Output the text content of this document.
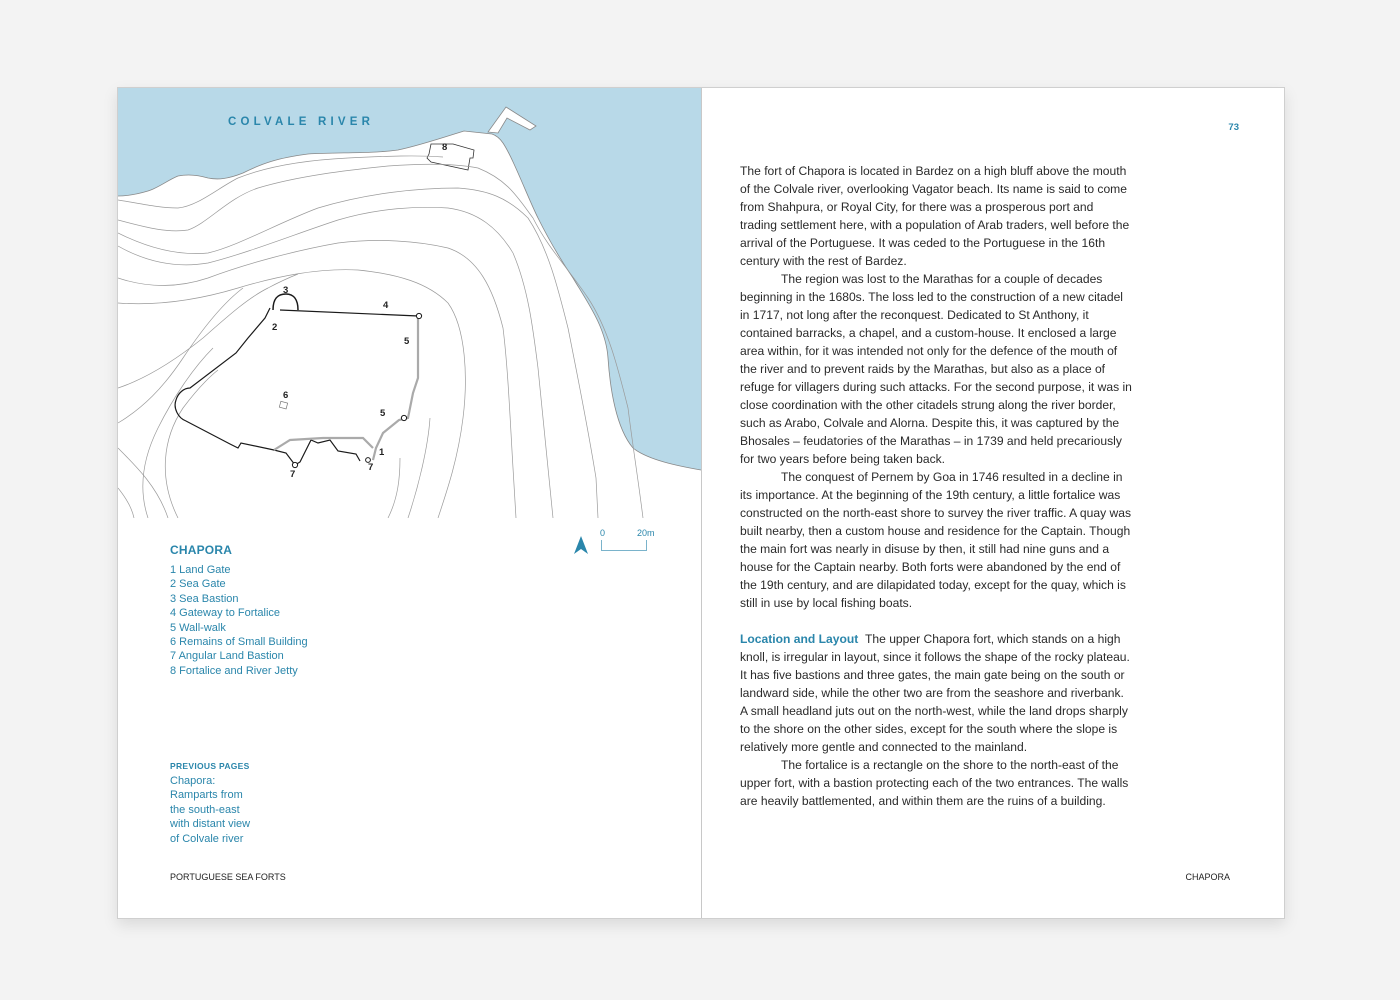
COLVALE RIVER
1
2
3
4
5
5
6
7
7
8
CHAPORA
1 Land Gate
2 Sea Gate
3 Sea Bastion
4 Gateway to Fortalice
5 Wall-walk
6 Remains of Small Building
7 Angular Land Bastion
8 Fortalice and River Jetty
0	20m
PREVIOUS PAGES
Chapora:
Ramparts from
the south-east
with distant view
of Colvale river
PORTUGUESE SEA FORTS
73

The fort of Chapora is located in Bardez on a high bluff above the mouth of the Colvale river, overlooking Vagator beach. Its name is said to come from Shahpura, or Royal City, for there was a prosperous port and trading settlement here, with a population of Arab traders, well before the arrival of the Portuguese. It was ceded to the Portuguese in the 16th century with the rest of Bardez.

The region was lost to the Marathas for a couple of decades beginning in the 1680s. The loss led to the construction of a new citadel in 1717, not long after the reconquest. Dedicated to St Anthony, it contained barracks, a chapel, and a custom-house. It enclosed a large area within, for it was intended not only for the defence of the mouth of the river and to prevent raids by the Marathas, but also as a place of refuge for villagers during such attacks. For the second purpose, it was in close coordination with the other citadels strung along the river border, such as Arabo, Colvale and Alorna. Despite this, it was captured by the Bhosales – feudatories of the Marathas – in 1739 and held precariously for two years before being taken back.

The conquest of Pernem by Goa in 1746 resulted in a decline in its importance. At the beginning of the 19th century, a little fortalice was constructed on the north-east shore to survey the river traffic. A quay was built nearby, then a custom house and residence for the Captain. Though the main fort was nearly in disuse by then, it still had nine guns and a house for the Captain nearby. Both forts were abandoned by the end of the 19th century, and are dilapidated today, except for the quay, which is still in use by local fishing boats.

Location and Layout The upper Chapora fort, which stands on a high knoll, is irregular in layout, since it follows the shape of the rocky plateau. It has five bastions and three gates, the main gate being on the south or landward side, while the other two are from the seashore and riverbank. A small headland juts out on the north-west, while the land drops sharply to the shore on the other sides, except for the south where the slope is relatively more gentle and connected to the mainland.

The fortalice is a rectangle on the shore to the north-east of the upper fort, with a bastion protecting each of the two entrances. The walls are heavily battlemented, and within them are the ruins of a building.

CHAPORA
